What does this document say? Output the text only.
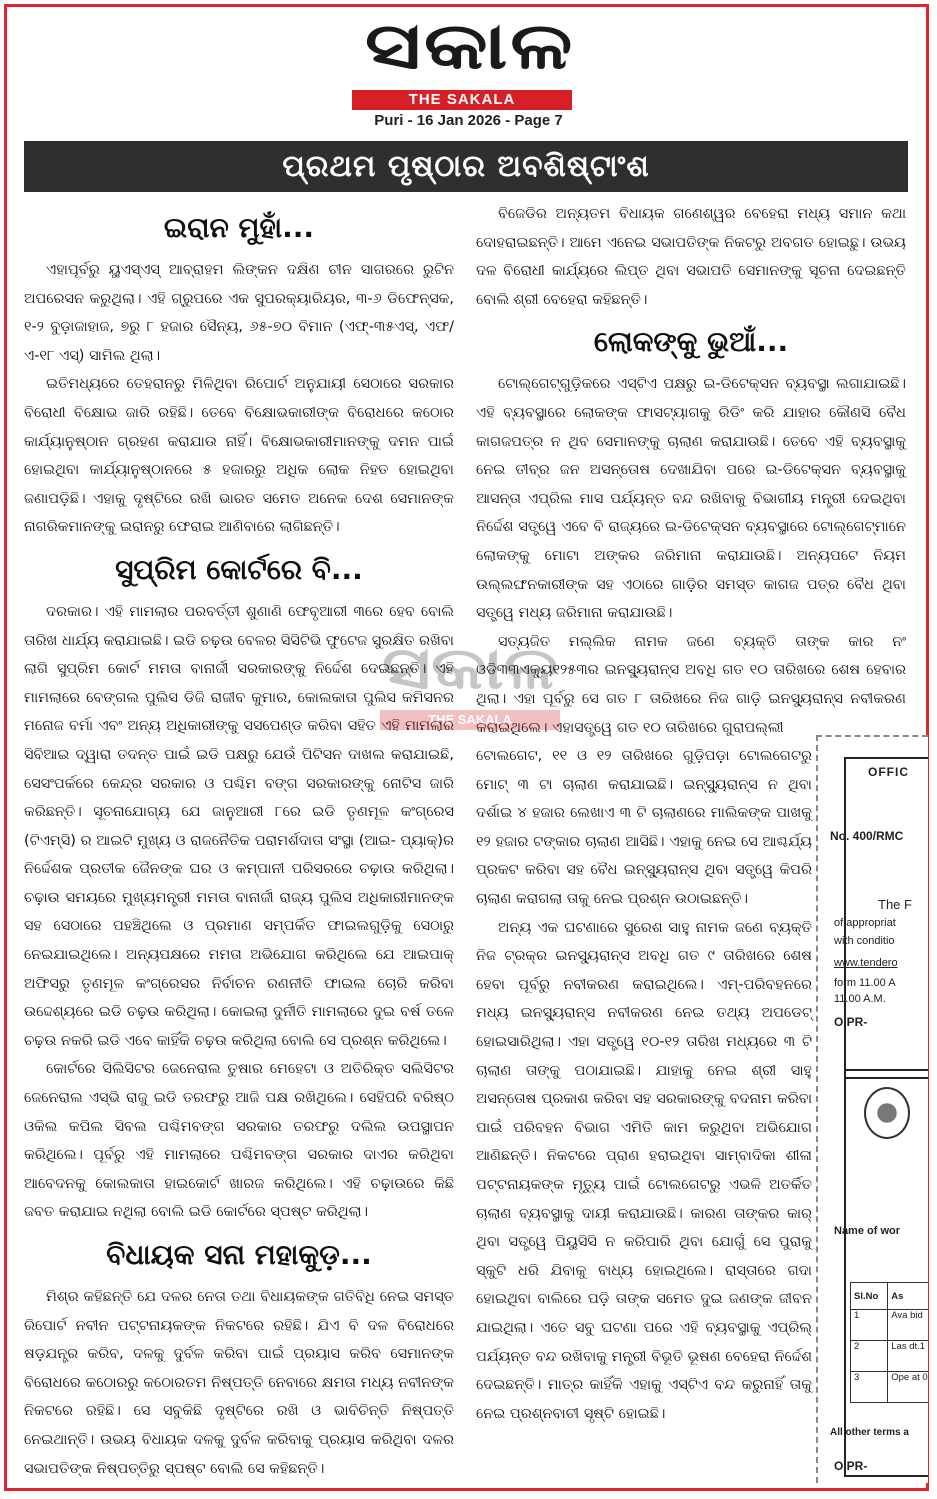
ସକାଳ
THE SAKALA
Puri - 16 Jan 2026 - Page 7
ପ୍ରଥମ ପୃଷ୍ଠାର ଅବଶିଷ୍ଟାଂଶ
ଇରାନ ମୁହାଁ...

ଏହାପୂର୍ବରୁ ୟୁଏସ୍ଏସ୍ ଆବ୍ରାହମ ଲିଙ୍କନ ଦକ୍ଷିଣ ଚୀନ ସାଗରରେ ରୁଟିନ ଅପରେସନ କରୁଥିଲା। ଏହି ଗ୍ରୁପରେ ଏକ ସୁପରକ୍ୟାରିୟର, ୩-୬ ଡିଫେନ୍ସକ, ୧-୨ ବୁଡ଼ାଜାହାଜ, ୭ରୁ ୮ ହଜାର ସୈନ୍ୟ, ୬୫-୭୦ ବିମାନ (ଏଫ୍-୩୫ଏସ୍, ଏଫ/ଏ-୧୮ ଏସ୍) ସାମିଲ ଥିଲା।

ଇତିମଧ୍ୟରେ ତେହରାନରୁ ମିଳିଥିବା ରିପୋର୍ଟ ଅନୁଯାୟୀ ସେଠାରେ ସରକାର ବିରୋଧୀ ବିକ୍ଷୋଭ ଜାରି ରହିଛି। ତେବେ ବିକ୍ଷୋଭକାରୀଙ୍କ ବିରୋଧରେ କଠୋର କାର୍ଯ୍ୟାନୁଷ୍ଠାନ ଗ୍ରହଣ କରାଯାଉ ନାହିଁ। ବିକ୍ଷୋଭକାରୀମାନଙ୍କୁ ଦମନ ପାଇଁ ହୋଇଥିବା କାର୍ଯ୍ୟାନୁଷ୍ଠାନରେ ୫ ହଜାରରୁ ଅଧିକ ଲୋକ ନିହତ ହୋଇଥିବା ଜଣାପଡ଼ିଛି। ଏହାକୁ ଦୃଷ୍ଟିରେ ରଖି ଭାରତ ସମେତ ଅନେକ ଦେଶ ସେମାନଙ୍କ ନାଗରିକମାନଙ୍କୁ ଇରାନରୁ ଫେରାଇ ଆଣିବାରେ ଲାଗିଛନ୍ତି।

ସୁପ୍ରିମ କୋର୍ଟରେ ବି...

ଦରକାର। ଏହି ମାମଲାର ପରବର୍ତ୍ତୀ ଶୁଣାଣି ଫେବୃଆରୀ ୩ରେ ହେବ ବୋଲି ତାରିଖ ଧାର୍ଯ୍ୟ କରାଯାଇଛି। ଇଡି ଚଢ଼ଉ ବେଳର ସିସିଟିଭି ଫୁଟେଜ ସୁରକ୍ଷିତ ରଖିବା ଲାଗି ସୁପ୍ରିମ କୋର୍ଟ ମମତା ବାନାର୍ଜୀ ସରକାରଙ୍କୁ ନିର୍ଦ୍ଦେଶ ଦେଇଛନ୍ତି। ଏହି ମାମଲାରେ ବେଙ୍ଗଲ ପୁଲିସ ଡିଜି ରାଜୀବ କୁମାର, କୋଲକାତା ପୁଲିସ କମିସନର ମନୋଜ ବର୍ମା ଏବଂ ଅନ୍ୟ ଅଧିକାରୀଙ୍କୁ ସସପେଣ୍ଡ କରିବା ସହିତ ଏହି ମାମଲାର ସିବିଆଇ ଦ୍ୱାରା ତଦନ୍ତ ପାଇଁ ଇଡି ପକ୍ଷରୁ ଯେଉଁ ପିଟିସନ ଦାଖଲ କରାଯାଇଛି, ସେସଂପର୍କରେ କେନ୍ଦ୍ର ସରକାର ଓ ପଶ୍ଚିମ ବଙ୍ଗ ସରକାରଙ୍କୁ ନୋଟିସ ଜାରି କରିଛନ୍ତି। ସୂଚନାଯୋଗ୍ୟ ଯେ ଜାନୁଆରୀ ୮ରେ ଇଡି ତୃଣମୂଳ କଂଗ୍ରେସ (ଟିଏମ୍ସି) ର ଆଇଟି ମୁଖ୍ୟ ଓ ରାଜନୈତିକ ପରାମର୍ଶଦାତା ସଂସ୍ଥା (ଆଇ- ପ୍ୟାକ୍)ର ନିର୍ଦ୍ଦେଶକ ପ୍ରତୀକ ଜୈନଙ୍କ ଘର ଓ କମ୍ପାନୀ ପରିସରରେ ଚଢ଼ାଉ କରିଥିଲା। ଚଢ଼ାଉ ସମୟରେ ମୁଖ୍ୟମନ୍ତ୍ରୀ ମମତା ବାନାର୍ଜୀ ରାଜ୍ୟ ପୁଲିସ ଅଧିକାରୀମାନଙ୍କ ସହ ସେଠାରେ ପହଞ୍ଚିଥିଲେ ଓ ପ୍ରମାଣ ସମ୍ପର୍କିତ ଫାଇଲଗୁଡ଼ିକୁ ସେଠାରୁ ନେଇଯାଇଥିଲେ। ଅନ୍ୟପକ୍ଷରେ ମମତା ଅଭିଯୋଗ କରିଥିଲେ ଯେ ଆଇପାକ୍ ଅଫିସରୁ ତୃଣମୂଳ କଂଗ୍ରେସର ନିର୍ବାଚନ ରଣନୀତି ଫାଇଲ ଚୋରି କରିବା ଉଦ୍ଦେଶ୍ୟରେ ଇଡି ଚଢ଼ଉ କରିଥିଲା। କୋଇଲା ଦୁର୍ନୀତି ମାମଲାରେ ଦୁଇ ବର୍ଷ ତଳେ ଚଢ଼ଉ ନକରି ଇଡି ଏବେ କାହିଁକି ଚଢ଼ଉ କରିଥିଲା ବୋଲି ସେ ପ୍ରଶ୍ନ କରିଥିଲେ।

କୋର୍ଟରେ ସିଲିସିଟର ଜେନେରାଲ ତୁଷାର ମେହେଟା ଓ ଅତିରିକ୍ତ ସଲିସିଟର ଜେନେରାଲ ଏସ୍ଭି ରାଜୁ ଇଡି ତରଫରୁ ଆଜି ପକ୍ଷ ରଖିଥିଲେ। ସେହିପରି ବରିଷ୍ଠ ଓକିଲ କପିଲ ସିବଲ ପଶ୍ଚିମବଙ୍ଗ ସରକାର ତରଫରୁ ଦଲିଲ ଉପସ୍ଥାପନ କରିଥିଲେ। ପୂର୍ବରୁ ଏହି ମାମଲାରେ ପଶ୍ଚିମବଙ୍ଗ ସରକାର ଦାଏର କରିଥିବା ଆବେଦନକୁ କୋଲକାତା ହାଇକୋର୍ଟ ଖାରଜ କରିଥିଲେ। ଏହି ଚଢ଼ାଉରେ କିଛି ଜବତ କରାଯାଇ ନଥିଲା ବୋଲି ଇଡି କୋର୍ଟରେ ସ୍ପଷ୍ଟ କରିଥିଲା।

ବିଧାୟକ ସନା ମହାକୁଡ଼...

ମିଶ୍ର କହିଛନ୍ତି ଯେ ଦଳର ନେତା ତଥା ବିଧାୟକଙ୍କ ଗତିବିଧି ନେଇ ସମସ୍ତ ରିପୋର୍ଟ ନବୀନ ପଟ୍ଟନାୟକଙ୍କ ନିକଟରେ ରହିଛି। ଯିଏ ବି ଦଳ ବିରୋଧରେ ଷଡ଼ଯନ୍ତ୍ର କରିବ, ଦଳକୁ ଦୁର୍ବଳ କରିବା ପାଇଁ ପ୍ରୟାସ କରିବ ସେମାନଙ୍କ ବିରୋଧରେ କଠୋରରୁ କଠୋରତମ ନିଷ୍ପତ୍ତି ନେବାରେ କ୍ଷମତା ମଧ୍ୟ ନବୀନଙ୍କ ନିକଟରେ ରହିଛି। ସେ ସବୁକିଛି ଦୃଷ୍ଟିରେ ରଖି ଓ ଭାବିଚିନ୍ତି ନିଷ୍ପତ୍ତି ନେଇଥାନ୍ତି। ଉଭୟ ବିଧାୟକ ଦଳକୁ ଦୁର୍ବଳ କରିବାକୁ ପ୍ରୟାସ କରିଥିବା ଦଳର ସଭାପତିଙ୍କ ନିଷ୍ପତ୍ତିରୁ ସ୍ପଷ୍ଟ ବୋଲି ସେ କହିଛନ୍ତି।

ବିଜେଡିର ଅନ୍ୟତମ ବିଧାୟକ ଗଣେଶ୍ୱର ବେହେରା ମଧ୍ୟ ସମାନ କଥା ଦୋହରାଇଛନ୍ତି। ଆମେ ଏନେଇ ସଭାପତିଙ୍କ ନିକଟରୁ ଅବଗତ ହୋଇଛୁ। ଉଭୟ ଦଳ ବିରୋଧୀ କାର୍ଯ୍ୟରେ ଲିପ୍ତ ଥିବା ସଭାପତି ସେମାନଙ୍କୁ ସୂଚନା ଦେଇଛନ୍ତି ବୋଲି ଶ୍ରୀ ବେହେରା କହିଛନ୍ତି।

ଲୋକଙ୍କୁ ଭୁଆଁ...

ଟୋଲ୍ଗେଟ୍ଗୁଡ଼ିକରେ ଏସ୍ଟିଏ ପକ୍ଷରୁ ଇ-ଡିଟେକ୍ସନ ବ୍ୟବସ୍ଥା ଲଗାଯାଇଛି। ଏହି ବ୍ୟବସ୍ଥାରେ ଲୋକଙ୍କ ଫାସଟ୍ୟାଗକୁ ରିଡିଂ କରି ଯାହାର କୌଣସି ବୈଧ କାଗଜପତ୍ର ନ ଥିବ ସେମାନଙ୍କୁ ଚାଲାଣ କରାଯାଉଛି। ତେବେ ଏହି ବ୍ୟବସ୍ଥାକୁ ନେଇ ତୀବ୍ର ଜନ ଅସନ୍ତୋଷ ଦେଖାଯିବା ପରେ ଇ-ଡିଟେକ୍ସନ ବ୍ୟବସ୍ଥାକୁ ଆସନ୍ତା ଏପ୍ରିଲ ମାସ ପର୍ଯ୍ୟନ୍ତ ବନ୍ଦ ରଖିବାକୁ ବିଭାଗୀୟ ମନ୍ତ୍ରୀ ଦେଇଥିବା ନିର୍ଦ୍ଦେଶ ସତ୍ତ୍ୱେ ଏବେ ବି ରାଜ୍ୟରେ ଇ-ଡିଟେକ୍ସନ ବ୍ୟବସ୍ଥାରେ ଟୋଲ୍ଗେଟ୍ମାନେ ଲୋକଙ୍କୁ ମୋଟା ଅଙ୍କର ଜରିମାନା କରାଯାଉଛି। ଅନ୍ୟପଟେ ନିୟମ ଉଲ୍ଲଙ୍ଘନକାରୀଙ୍କ ସହ ଏଠାରେ ଗାଡ଼ିର ସମସ୍ତ କାଗଜ ପତ୍ର ବୈଧ ଥିବା ସତ୍ତ୍ୱେ ମଧ୍ୟ ଜରିମାନା କରାଯାଉଛି।

ସତ୍ୟଜିତ ମଲ୍ଲିକ ନାମକ ଜଣେ ବ୍ୟକ୍ତି ତାଙ୍କ କାର ନଂ ଓଡି୩୩ଏକ୍ୟୁ୧୨୫୩ର ଇନସ୍ୟୁରାନ୍ସ ଅବଧି ଗତ ୧୦ ତାରିଖରେ ଶେଷ ହେବାର ଥିଲା। ଏହା ପୂର୍ବରୁ ସେ ଗତ ୮ ତାରିଖରେ ନିଜ ଗାଡ଼ି ଇନସ୍ୟୁରାନ୍ସ ନବୀକରଣ କରାଇଥିଲେ। ଏହାସତ୍ତ୍ୱେ ଗତ ୧୦ ତାରିଖରେ ଗୁରାପଲ୍ଲୀ

ଟୋଲଗେଟ, ୧୧ ଓ ୧୨ ତାରିଖରେ ଗୁଡ଼ିପଡ଼ା ଟୋଲଗେଟରୁ ମୋଟ୍ ୩ ଟା ଚାଲାଣ କରାଯାଇଛି। ଇନ୍ସ୍ୟୁରାନ୍ସ ନ ଥିବା ଦର୍ଶାଇ ୪ ହଜାର ଲେଖାଏ ୩ ଟି ଚାଲାଣରେ ମାଲିକଙ୍କ ପାଖକୁ ୧୨ ହଜାର ଟଙ୍କାର ଚାଲାଣ ଆସିଛି। ଏହାକୁ ନେଇ ସେ ଆଶ୍ଚର୍ଯ୍ୟ ପ୍ରକଟ କରିବା ସହ ବୈଧ ଇନ୍ସ୍ୟୁରାନ୍ସ ଥିବା ସତ୍ତ୍ୱେ କିପରି ଚାଲାଣ କରାଗଲା ତାକୁ ନେଇ ପ୍ରଶ୍ନ ଉଠାଇଛନ୍ତି।

ଅନ୍ୟ ଏକ ଘଟଣାରେ ସୁରେଶ ସାହୁ ନାମକ ଜଣେ ବ୍ୟକ୍ତି ନିଜ ଟ୍ରକ୍ର ଇନସ୍ୟୁରାନ୍ସ ଅବଧି ଗତ ୯ ତାରିଖରେ ଶେଷ ହେବା ପୂର୍ବରୁ ନବୀକରଣ କରାଇଥିଲେ। ଏମ୍-ପରିବହନରେ ମଧ୍ୟ ଇନସ୍ୟୁରାନ୍ସ ନବୀକରଣ ନେଇ ତଥ୍ୟ ଅପଡେଟ୍ ହୋଇସାରିଥିଲା। ଏହା ସତ୍ତ୍ୱେ ୧୦-୧୨ ତାରିଖ ମଧ୍ୟରେ ୩ ଟି ଚାଲାଣ ତାଙ୍କୁ ପଠାଯାଇଛି। ଯାହାକୁ ନେଇ ଶ୍ରୀ ସାହୁ ଅସନ୍ତୋଷ ପ୍ରକାଶ କରିବା ସହ ସରକାରଙ୍କୁ ବଦନାମ କରିବା ପାଇଁ ପରିବହନ ବିଭାଗ ଏମିତି କାମ କରୁଥିବା ଅଭିଯୋଗ ଆଣିଛନ୍ତି। ନିକଟରେ ପ୍ରାଣ ହରାଇଥିବା ସାମ୍ବାଦିକା ଶୀଳା ପଟ୍ଟନାୟକଙ୍କ ମୃତ୍ୟୁ ପାଇଁ ଟୋଲଗେଟରୁ ଏଭଳି ଅତର୍କିତ ଚାଲାଣ ବ୍ୟବସ୍ଥାକୁ ଦାୟୀ କରାଯାଉଛି। କାରଣ ତାଙ୍କର କାର୍ ଥିବା ସତ୍ତ୍ୱେ ପିୟୁସିସି ନ କରିପାରି ଥିବା ଯୋଗୁଁ ସେ ପୁରାକୁ ସ୍କୁଟି ଧରି ଯିବାକୁ ବାଧ୍ୟ ହୋଇଥିଲେ। ରାସ୍ତାରେ ଗଦା ହୋଇଥିବା ବାଲିରେ ପଡ଼ି ତାଙ୍କ ସମେତ ଦୁଇ ଜଣଙ୍କ ଜୀବନ ଯାଇଥିଲା। ଏତେ ସବୁ ଘଟଣା ପରେ ଏହି ବ୍ୟବସ୍ଥାକୁ ଏପ୍ରିଲ୍ ପର୍ଯ୍ୟନ୍ତ ବନ୍ଦ ରଖିବାକୁ ମନ୍ତ୍ରୀ ବିଭୂତି ଭୂଷଣ ବେହେରା ନିର୍ଦ୍ଦେଶ ଦେଇଛନ୍ତି। ମାତ୍ର କାହିଁକି ଏହାକୁ ଏସ୍ଟିଏ ବନ୍ଦ କରୁନାହିଁ ତାକୁ ନେଇ ପ୍ରଶ୍ନବାଚୀ ସୃଷ୍ଟି ହୋଇଛି।

ସକାଳ
THE SAKALA
OFFIC
No. 400/RMC
The F
of appropriat
with conditio
www.tendero
form 11.00 A
11.00 A.M.
OIPR-
Name of wor
Sl.No	As
1	Ava bid
2	Las dt.1
3	Ope at 0
All other terms a
OIPR-
